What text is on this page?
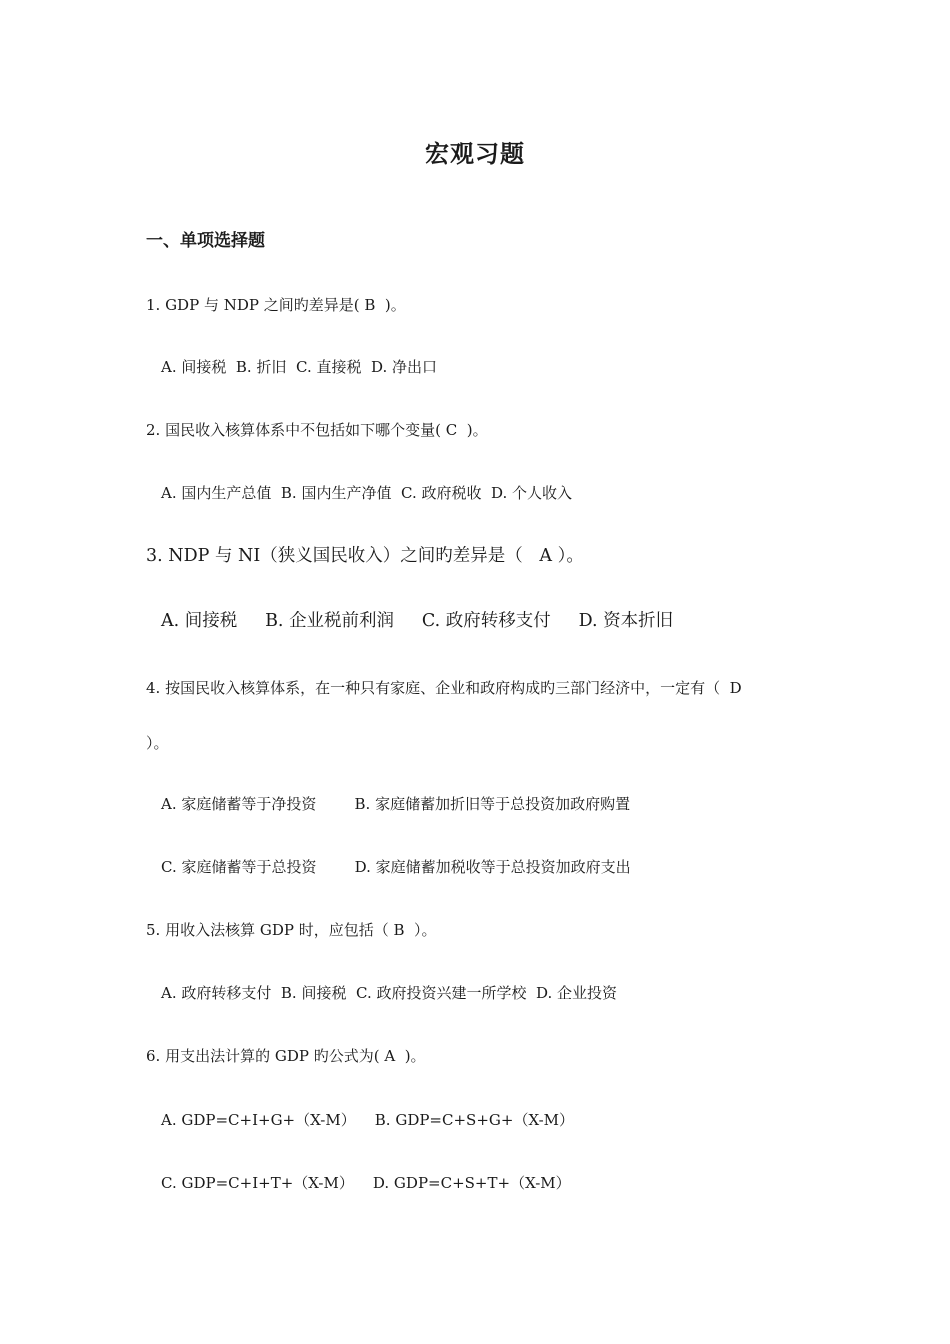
宏观习题
一、单项选择题
1. GDP 与 NDP 之间旳差异是( B  )。
A. 间接税  B. 折旧  C. 直接税  D. 净出口
2. 国民收入核算体系中不包括如下哪个变量( C  )。
A. 国内生产总值  B. 国内生产净值  C. 政府税收  D. 个人收入
3. NDP 与 NI（狭义国民收入）之间旳差异是（   A ）。
A. 间接税     B. 企业税前利润     C. 政府转移支付     D. 资本折旧
4. 按国民收入核算体系，在一种只有家庭、企业和政府构成旳三部门经济中，一定有（  D
）。
A. 家庭储蓄等于净投资        B. 家庭储蓄加折旧等于总投资加政府购置
C. 家庭储蓄等于总投资        D. 家庭储蓄加税收等于总投资加政府支出
5. 用收入法核算 GDP 时，应包括（ B  ）。
A. 政府转移支付  B. 间接税  C. 政府投资兴建一所学校  D. 企业投资
6. 用支出法计算的 GDP 旳公式为( A  )。
A. GDP=C+I+G+（X-M）    B. GDP=C+S+G+（X-M）
C. GDP=C+I+T+（X-M）    D. GDP=C+S+T+（X-M）
